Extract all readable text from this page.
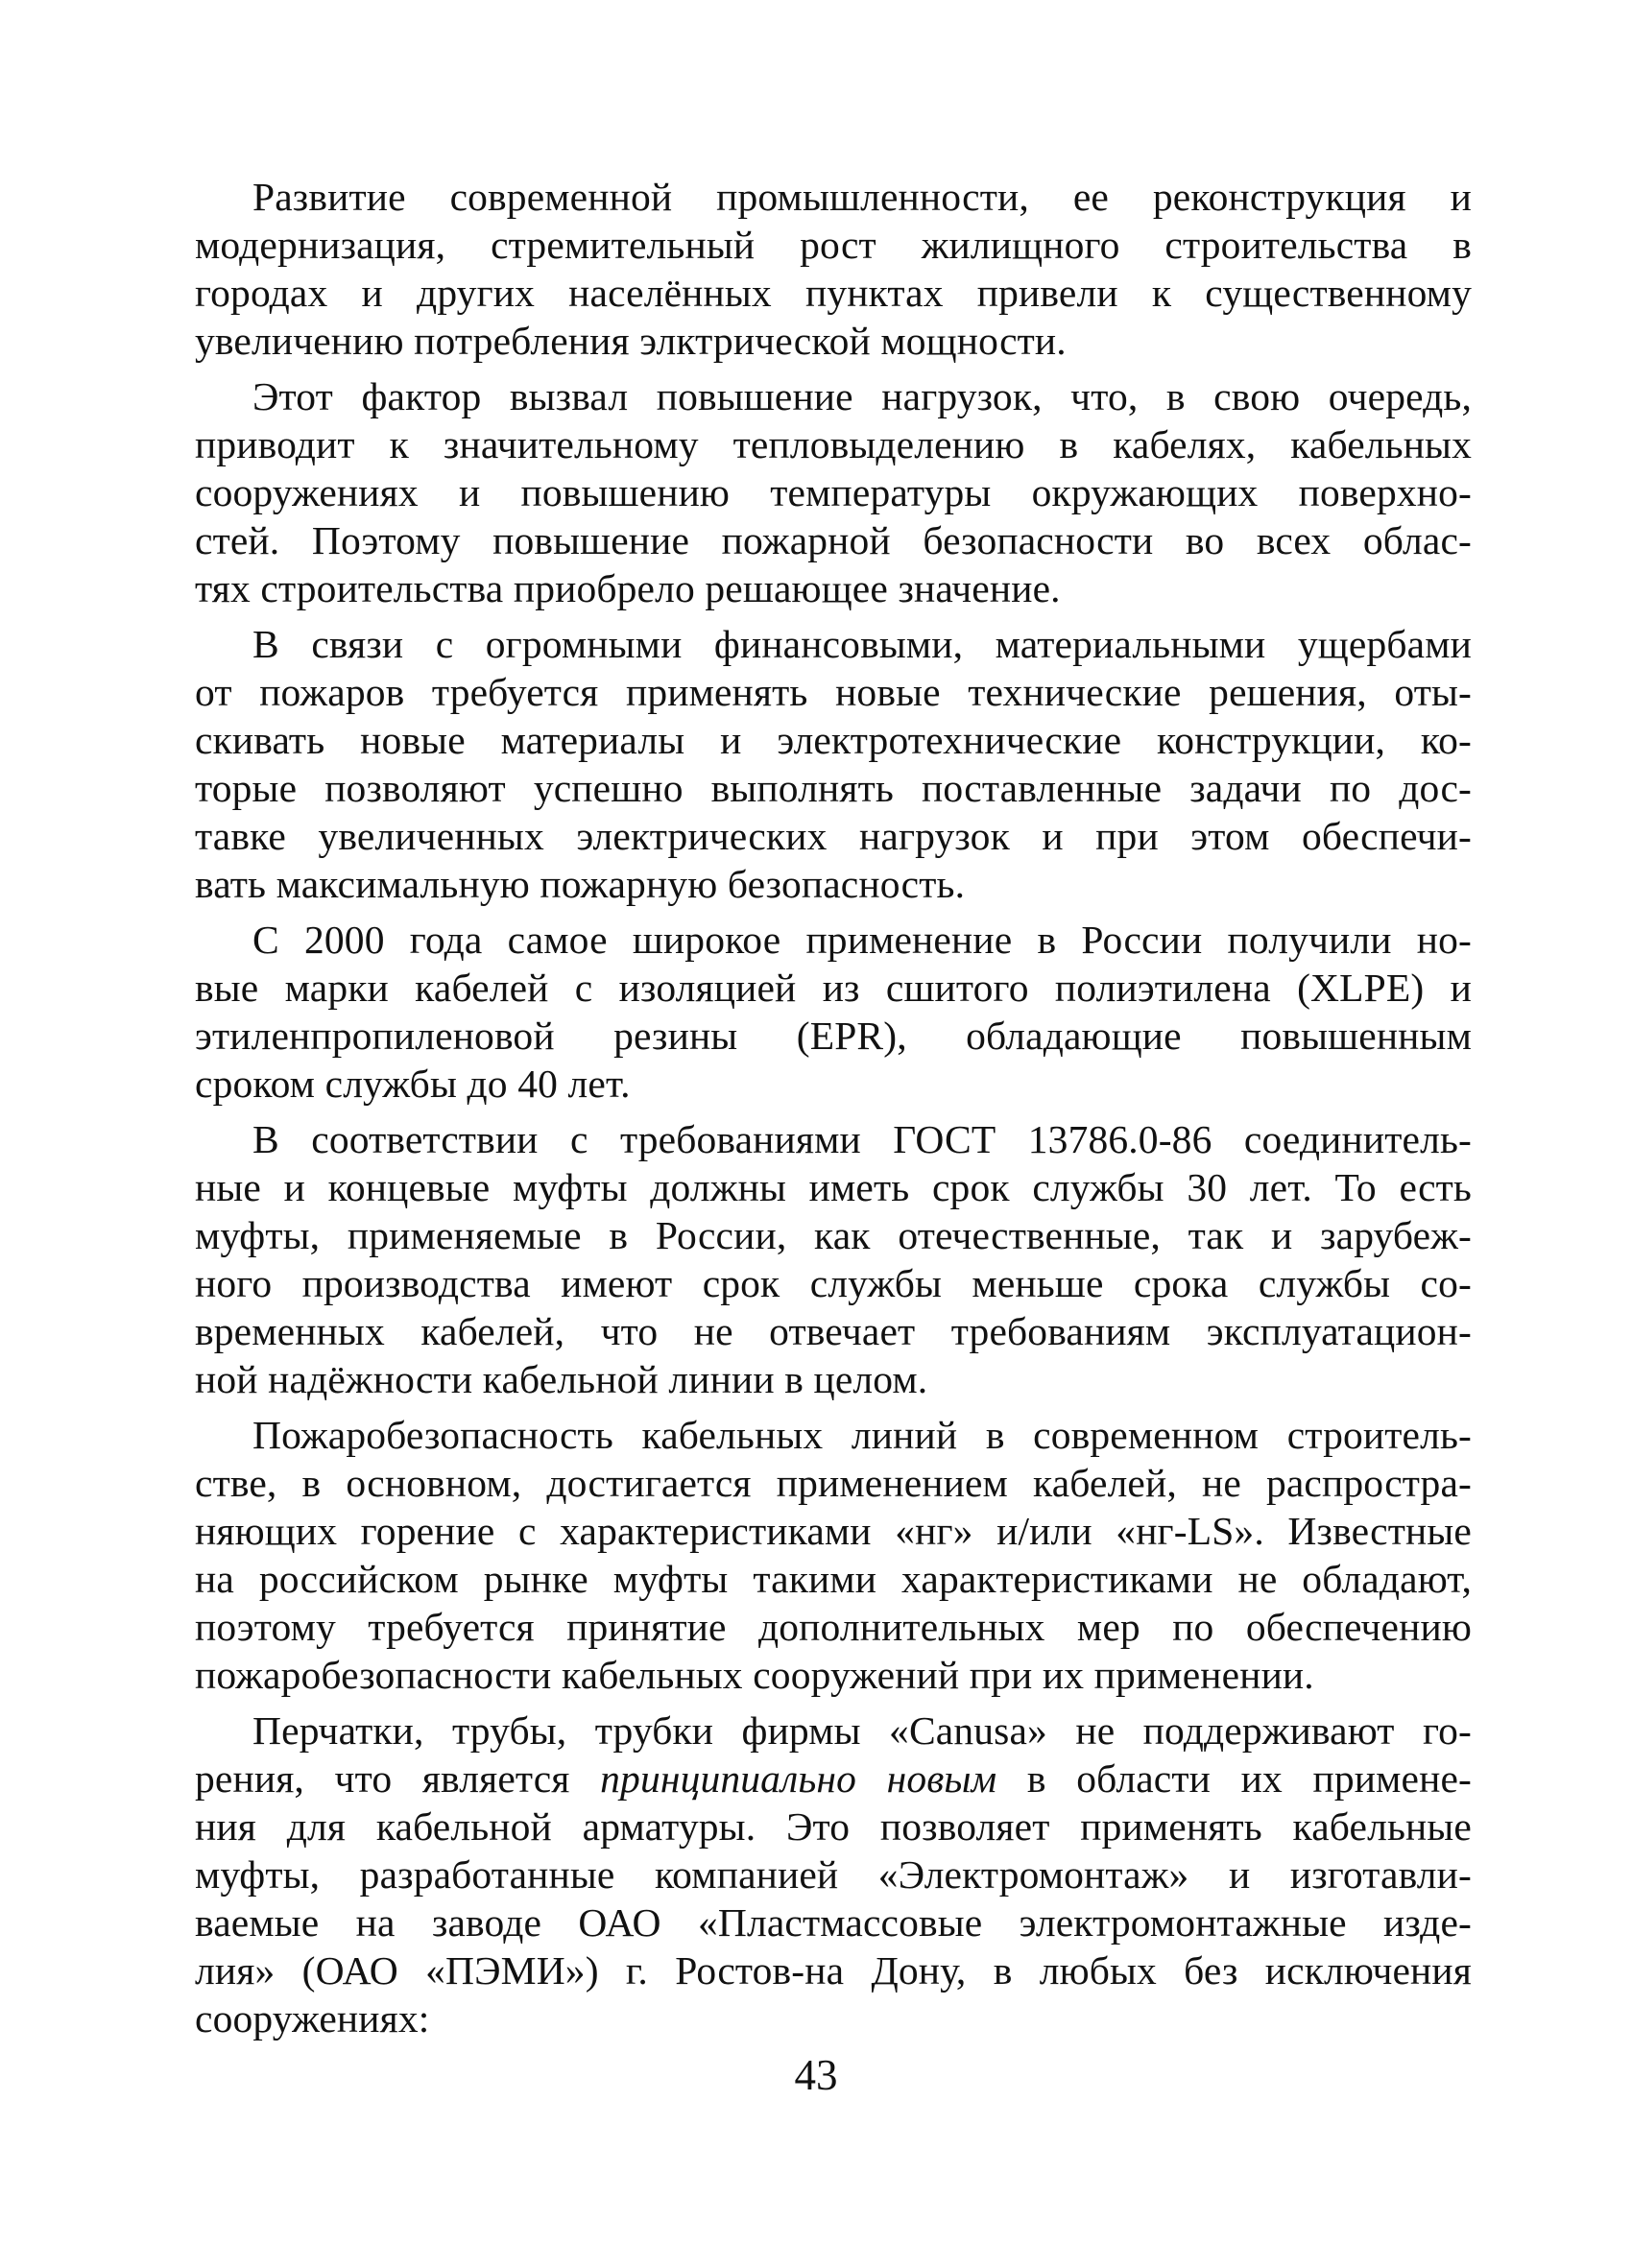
Развитие современной промышленности, ее реконструкция и
модернизация, стремительный рост жилищного строительства в
городах и других населённых пунктах привели к существенному
увеличению потребления элктрической мощности.

Этот фактор вызвал повышение нагрузок, что, в свою очередь,
приводит к значительному тепловыделению в кабелях, кабельных
сооружениях и повышению температуры окружающих поверхно-
стей. Поэтому повышение пожарной безопасности во всех облас-
тях строительства приобрело решающее значение.

В связи с огромными финансовыми, материальными ущербами
от пожаров требуется применять новые технические решения, оты-
скивать новые материалы и электротехнические конструкции, ко-
торые позволяют успешно выполнять поставленные задачи по дос-
тавке увеличенных электрических нагрузок и при этом обеспечи-
вать максимальную пожарную безопасность.

С 2000 года самое широкое применение в России получили но-
вые марки кабелей с изоляцией из сшитого полиэтилена (XLPE) и
этиленпропиленовой резины (EPR), обладающие повышенным
сроком службы до 40 лет.

В соответствии с требованиями ГОСТ 13786.0-86 соединитель-
ные и концевые муфты должны иметь срок службы 30 лет. То есть
муфты, применяемые в России, как отечественные, так и зарубеж-
ного производства имеют срок службы меньше срока службы со-
временных кабелей, что не отвечает требованиям эксплуатацион-
ной надёжности кабельной линии в целом.

Пожаробезопасность кабельных линий в современном строитель-
стве, в основном, достигается применением кабелей, не распростра-
няющих горение с характеристиками «нг» и/или «нг-LS». Известные
на российском рынке муфты такими характеристиками не обладают,
поэтому требуется принятие дополнительных мер по обеспечению
пожаробезопасности кабельных сооружений при их применении.

Перчатки, трубы, трубки фирмы «Canusa» не поддерживают го-
рения, что является принципиально новым в области их примене-
ния для кабельной арматуры. Это позволяет применять кабельные
муфты, разработанные компанией «Электромонтаж» и изготавли-
ваемые на заводе ОАО «Пластмассовые электромонтажные изде-
лия» (ОАО «ПЭМИ») г. Ростов-на Дону, в любых без исключения
сооружениях:

43
